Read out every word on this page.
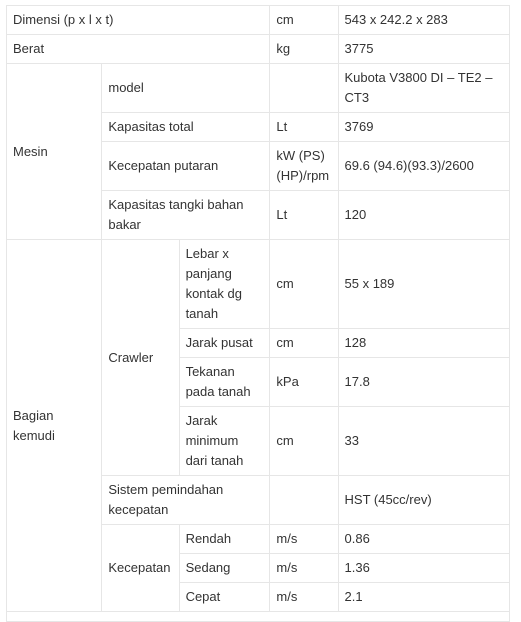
Dimensi (p x l x t)			cm	543 x 242.2 x 283
Berat			kg	3775
Mesin	model			Kubota V3800 DI – TE2 – CT3
	Kapasitas total		Lt	3769
	Kecepatan putaran		kW (PS)(HP)/rpm	69.6 (94.6)(93.3)/2600
	Kapasitas tangki bahan bakar		Lt	120
Bagian kemudi	Crawler	Lebar x panjang kontak dg tanah	cm	55 x 189
		Jarak pusat	cm	128
		Tekanan pada tanah	kPa	17.8
		Jarak minimum dari tanah	cm	33
	Sistem pemindahan kecepatan			HST (45cc/rev)
	Kecepatan	Rendah	m/s	0.86
		Sedang	m/s	1.36
		Cepat	m/s	2.1
